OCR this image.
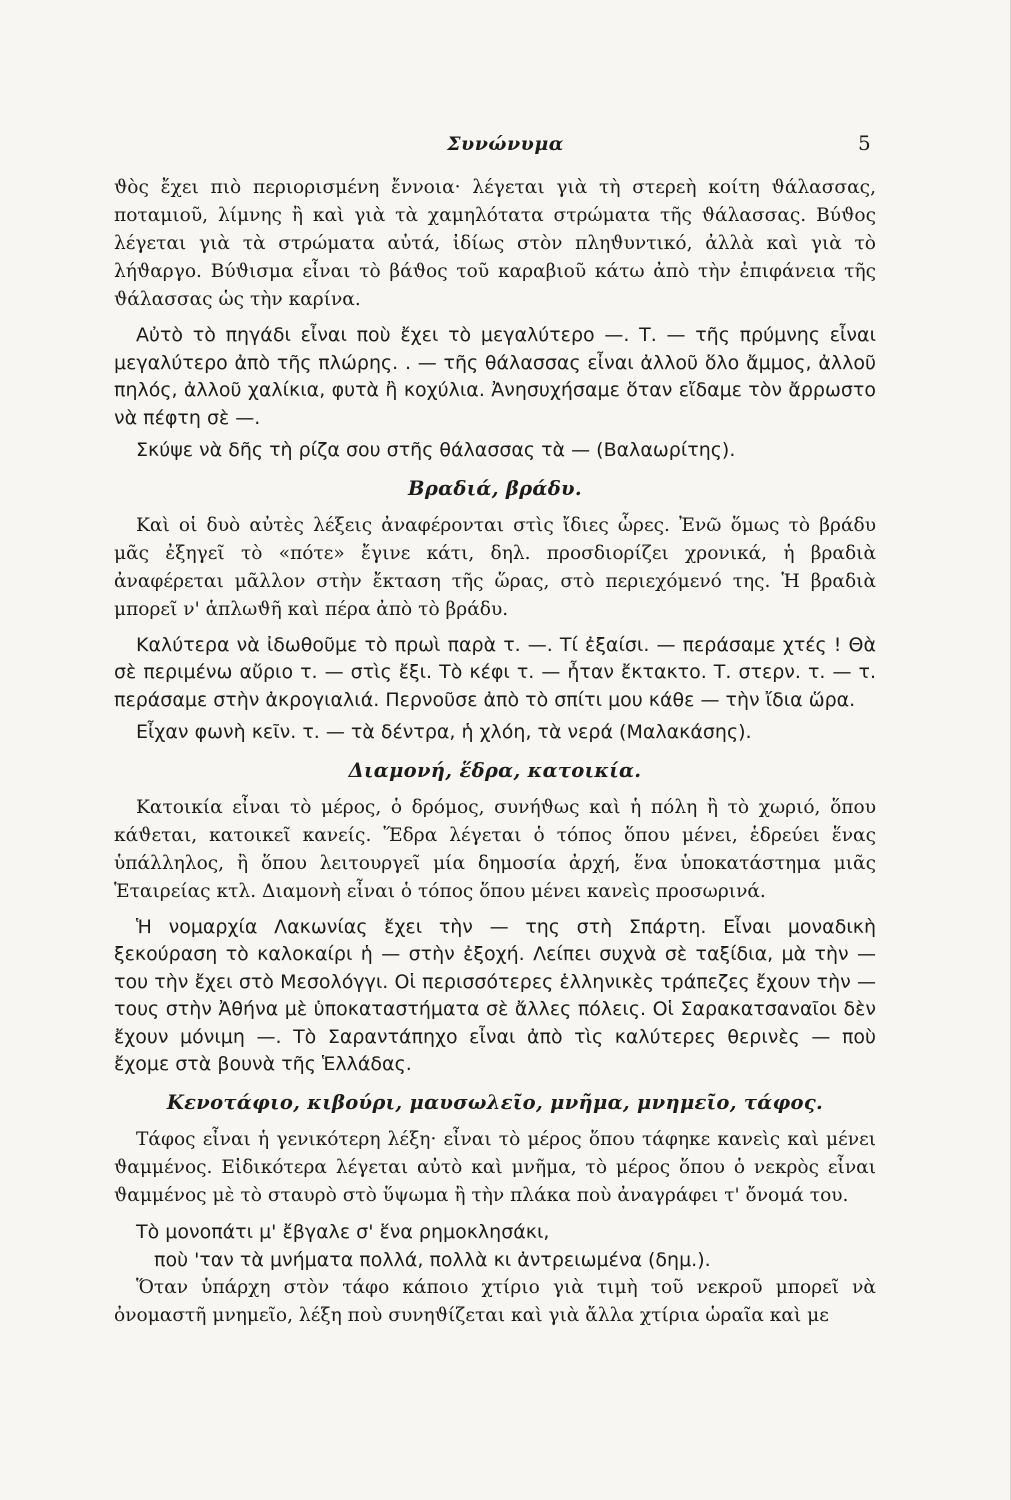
Συνώνυμα	5

ϑὸς ἔχει πιὸ περιορισμένη ἔννοια· λέγεται γιὰ τὴ στερεὴ κοίτη ϑάλασσας, ποταμιοῦ, λίμνης ἢ καὶ γιὰ τὰ χαμηλότατα στρώματα τῆς ϑάλασσας. Βύϑος λέγεται γιὰ τὰ στρώματα αὐτά, ἰδίως στὸν πληϑυντικό, ἀλλὰ καὶ γιὰ τὸ λήϑαργο. Βύϑισμα εἶναι τὸ βάϑος τοῦ καραβιοῦ κάτω ἀπὸ τὴν ἐπιφάνεια τῆς ϑάλασσας ὡς τὴν καρίνα.

Αὐτὸ τὸ πηγάδι εἶναι ποὺ ἔχει τὸ μεγαλύτερο —. Τ. — τῆς πρύμνης εἶναι μεγαλύτερο ἀπὸ τῆς πλώρης. . — τῆς θάλασσας εἶναι ἀλλοῦ ὅλο ἄμμος, ἀλλοῦ πηλός, ἀλλοῦ χαλίκια, φυτὰ ἢ κοχύλια. Ἀνησυχήσαμε ὅταν εἴδαμε τὸν ἄρρωστο νὰ πέφτη σὲ —.

Σκύψε νὰ δῆς τὴ ρίζα σου στῆς θάλασσας τὰ — (Βαλαωρίτης).

Βραδιά, βράδυ.

Καὶ οἱ δυὸ αὐτὲς λέξεις ἀναφέρονται στὶς ἴδιες ὧρες. Ἐνῶ ὅμως τὸ βράδυ μᾶς ἐξηγεῖ τὸ «πότε» ἔγινε κάτι, δηλ. προσδιορίζει χρονικά, ἡ βραδιὰ ἀναφέρεται μᾶλλον στὴν ἔκταση τῆς ὥρας, στὸ περιεχόμενό της. Ἡ βραδιὰ μπορεῖ ν' ἁπλωϑῆ καὶ πέρα ἀπὸ τὸ βράδυ.

Καλύτερα νὰ ἰδωθοῦμε τὸ πρωὶ παρὰ τ. —. Τί ἐξαίσι. — περάσαμε χτές ! Θὰ σὲ περιμένω αὔριο τ. — στὶς ἔξι. Τὸ κέφι τ. — ἦταν ἔκτακτο. Τ. στερν. τ. — τ. περάσαμε στὴν ἀκρογιαλιά. Περνοῦσε ἀπὸ τὸ σπίτι μου κάθε — τὴν ἴδια ὥρα.

Εἶχαν φωνὴ κεῖν. τ. — τὰ δέντρα, ἡ χλόη, τὰ νερά (Μαλακάσης).

Διαμονή, ἕδρα, κατοικία.

Κατοικία εἶναι τὸ μέρος, ὁ δρόμος, συνήϑως καὶ ἡ πόλη ἢ τὸ χωριό, ὅπου κάϑεται, κατοικεῖ κανείς. Ἕδρα λέγεται ὁ τόπος ὅπου μένει, ἑδρεύει ἕνας ὑπάλληλος, ἢ ὅπου λειτουργεῖ μία δημοσία ἀρχή, ἕνα ὑποκατάστημα μιᾶς Ἑταιρείας κτλ. Διαμονὴ εἶναι ὁ τόπος ὅπου μένει κανεὶς προσωρινά.

Ἡ νομαρχία Λακωνίας ἔχει τὴν — της στὴ Σπάρτη. Εἶναι μοναδικὴ ξεκούραση τὸ καλοκαίρι ἡ — στὴν ἐξοχή. Λείπει συχνὰ σὲ ταξίδια, μὰ τὴν — του τὴν ἔχει στὸ Μεσολόγγι. Οἱ περισσότερες ἑλληνικὲς τράπεζες ἔχουν τὴν — τους στὴν Ἀθήνα μὲ ὑποκαταστήματα σὲ ἄλλες πόλεις. Οἱ Σαρακατσαναῖοι δὲν ἔχουν μόνιμη —. Τὸ Σαραντάπηχο εἶναι ἀπὸ τὶς καλύτερες θερινὲς — ποὺ ἔχομε στὰ βουνὰ τῆς Ἑλλάδας.

Κενοτάφιο, κιβούρι, μαυσωλεῖο, μνῆμα, μνημεῖο, τάφος.

Τάφος εἶναι ἡ γενικότερη λέξη· εἶναι τὸ μέρος ὅπου τάφηκε κανεὶς καὶ μένει ϑαμμένος. Εἰδικότερα λέγεται αὐτὸ καὶ μνῆμα, τὸ μέρος ὅπου ὁ νεκρὸς εἶναι ϑαμμένος μὲ τὸ σταυρὸ στὸ ὕψωμα ἢ τὴν πλάκα ποὺ ἀναγράφει τ' ὄνομά του.

Τὸ μονοπάτι μ' ἔβγαλε σ' ἕνα ρημοκλησάκι,
ποὺ 'ταν τὰ μνήματα πολλά, πολλὰ κι ἀντρειωμένα (δημ.).

Ὅταν ὑπάρχη στὸν τάφο κάποιο χτίριο γιὰ τιμὴ τοῦ νεκροῦ μπορεῖ νὰ ὀνομαστῆ μνημεῖο, λέξη ποὺ συνηϑίζεται καὶ γιὰ ἄλλα χτίρια ὡραῖα καὶ με
